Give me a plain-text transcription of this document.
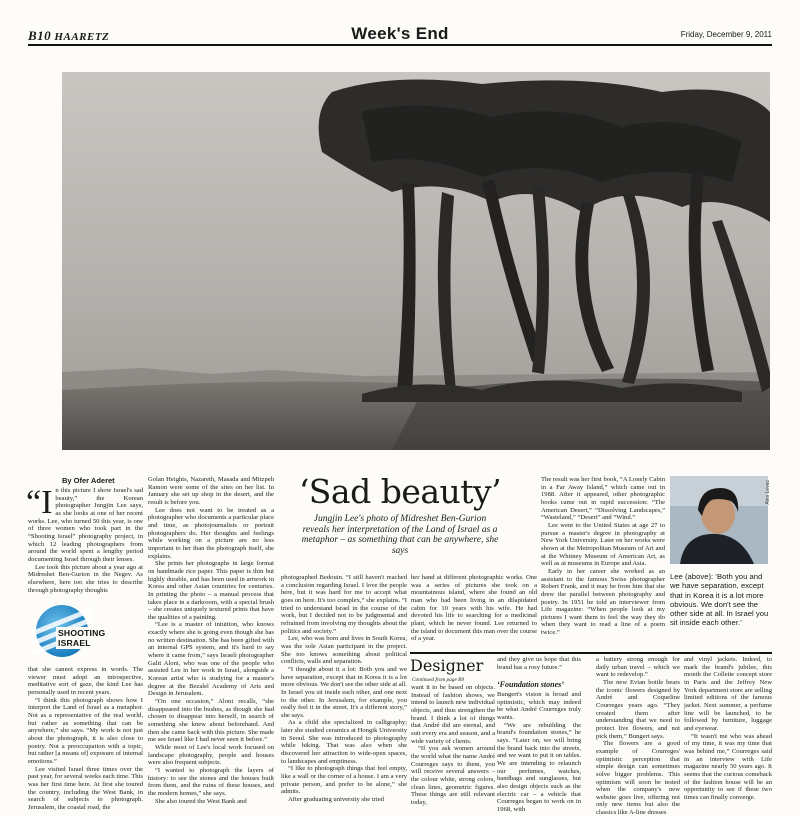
B10 HAARETZ	Week's End	Friday, December 9, 2011
By Ofer Aderet

“In this picture I show Israel's sad beauty,” the Korean photographer Jungjin Lee says, as she looks at one of her recent works. Lee, who turned 50 this year, is one of three women who took part in the “Shooting Israel” photography project, in which 12 leading photographers from around the world spent a lengthy period documenting Israel through their lenses.

Lee took this picture about a year ago at Midreshet Ben-Gurion in the Negev. As elsewhere, here too she tries to describe through photography thoughts

SHOOTING ISRAEL

that she cannot express in words. The viewer must adopt an introspective, meditative sort of gaze, the kind Lee has personally used in recent years.

“I think this photograph shows how I interpret the Land of Israel as a metaphor. Not as a representative of the real world, but rather as something that can be anywhere,” she says. “My work is not just about the photograph, it is also close to poetry. Not a preoccupation with a topic, but rather [a means of] exposure of internal emotions.”

Lee visited Israel three times over the past year, for several weeks each time. This was her first time here. At first she toured the country, including the West Bank, in search of subjects to photograph. Jerusalem, the coastal road, the

Golan Heights, Nazareth, Masada and Mitzpeh Ramon were some of the sites on her list. In January she set up shop in the desert, and the result is before you.

Lee does not want to be treated as a photographer who documents a particular place and time, as photojournalists or portrait photographers do. Her thoughts and feelings while working on a picture are no less important to her than the photograph itself, she explains.

She prints her photographs in large format on handmade rice paper. This paper is thin but highly durable, and has been used in artwork in Korea and other Asian countries for centuries. In printing the photo – a manual process that takes place in a darkroom, with a special brush – she creates uniquely textured prints that have the qualities of a painting.

“Lee is a master of intuition, who knows exactly where she is going even though she has no written destination. She has been gifted with an internal GPS system, and it's hard to say where it came from,” says Israeli photographer Galit Aloni, who was one of the people who assisted Lee in her work in Israel, alongside a Korean artist who is studying for a master's degree at the Bezalel Academy of Arts and Design in Jerusalem.

“On one occasion,” Aloni recalls, “she disappeared into the bushes, as though she had chosen to disappear into herself, in search of something she knew about beforehand. And then she came back with this picture. She made me see Israel like I had never seen it before.”

While most of Lee's local work focused on landscape photography, people and houses were also frequent subjects.

“I wanted to photograph the layers of history: to see the stones and the houses built from them, and the ruins of these houses, and the modern homes,” she says.

She also toured the West Bank and

‘Sad beauty’
Jungjin Lee's photo of Midreshet Ben-Gurion reveals her interpretation of the Land of Israel as a metaphor – as something that can be anywhere, she says

photographed Bedouin. “I still haven't reached a conclusion regarding Israel. I love the people here, but it was hard for me to accept what goes on here. It's too complex,” she explains. “I tried to understand Israel in the course of the work, but I decided not to be judgmental and refrained from involving my thoughts about the politics and society.”

Lee, who was born and lives in South Korea, was the sole Asian participant in the project. She too knows something about political conflicts, walls and separation.

“I thought about it a lot: Both you and we have separation, except that in Korea it is a lot more obvious. We don't see the other side at all. In Israel you sit inside each other, and one next to the other. In Jerusalem, for example, you really feel it in the street. It's a different story,” she says.

As a child she specialized in calligraphy; later she studied ceramics at Hongik University in Seoul. She was introduced to photography while hiking. That was also when she discovered her attraction to wide-open spaces, to landscapes and emptiness.

“I like to photograph things that feel empty, like a wall or the corner of a house. I am a very private person, and prefer to be alone,” she admits.

After graduating university she tried

her hand at different photographic works. One was a series of pictures she took on a mountainous island, where she found an old man who had been living in an dilapidated cabin for 10 years with his wife. He had devoted his life to searching for a medicinal plant, which he never found. Lee returned to the island to document this man over the course of a year.

The result was her first book, “A Lonely Cabin in a Far Away Island,” which came out in 1988. After it appeared, other photographic books came out in rapid succession: “The American Desert,” “Dissolving Landscapes,” “Wasteland,” “Desert” and “Wind.”

Lee went to the United States at age 27 to pursue a master's degree in photography at New York University. Later on her works were shown at the Metropolitan Museum of Art and at the Whitney Museum of American Art, as well as at museums in Europe and Asia.

Early in her career she worked as an assistant to the famous Swiss photographer Robert Frank, and it may be from him that she drew the parallel between photography and poetry. In 1951 he told an interviewer from Life magazine: “When people look at my pictures I want them to feel the way they do when they want to read a line of a poem twice.”

Alex Levac
Lee (above): ‘Both you and we have separation, except that in Korea it is a lot more obvious. We don't see the other side at all. In Israel you sit inside each other.’
Designer
Continued from page B9

want it to be based on objects. Instead of fashion shows, we intend to launch new individual objects, and thus strengthen the brand. I think a lot of things that André did are eternal, and suit every era and season, and a wide variety of clients.

“If you ask women around the world what the name André Courreges says to them, you will receive several answers – the colour white, strong colors, clean lines, geometric figures. These things are still relevant today,

and they give us hope that this brand has a rosy future.”

‘Foundation stones’

Bungert's vision is broad and optimistic, which may indeed be what André Courreges truly wants.

“We are rebuilding the brand's foundation stones,” he says. “Later on, we will bring the brand back into the streets, and we want to put it on tables. We are intending to relaunch our perfumes, watches, handbags and sunglasses, but also design objects such as the electric car – a vehicle that Courreges began to work on in 1968, with

a battery strong enough for daily urban travel – which we want to redevelop.”

The new Evian bottle bears the iconic flowers designed by André and Coqueline Courreges years ago. “They created them after understanding that we need to protect live flowers, and not pick them,” Bungert says.

The flowers are a good example of Courreges' optimistic perception that simple design can sometimes solve bigger problems. This optimism will soon be tested when the company's new website goes live, offering not only new items but also the classics like A-line dresses

and vinyl jackets. Indeed, to mark the brand's jubilee, this month the Collette concept store in Paris and the Jeffrey New York department store are selling limited editions of the famous jacket. Next summer, a perfume line will be launched, to be followed by furniture, luggage and eyewear.

“It wasn't me who was ahead of my time, it was my time that was behind me,” Courreges said in an interview with Life magazine nearly 50 years ago. It seems that the curious comeback of the fashion house will be an opportunity to see if these two times can finally converge.
